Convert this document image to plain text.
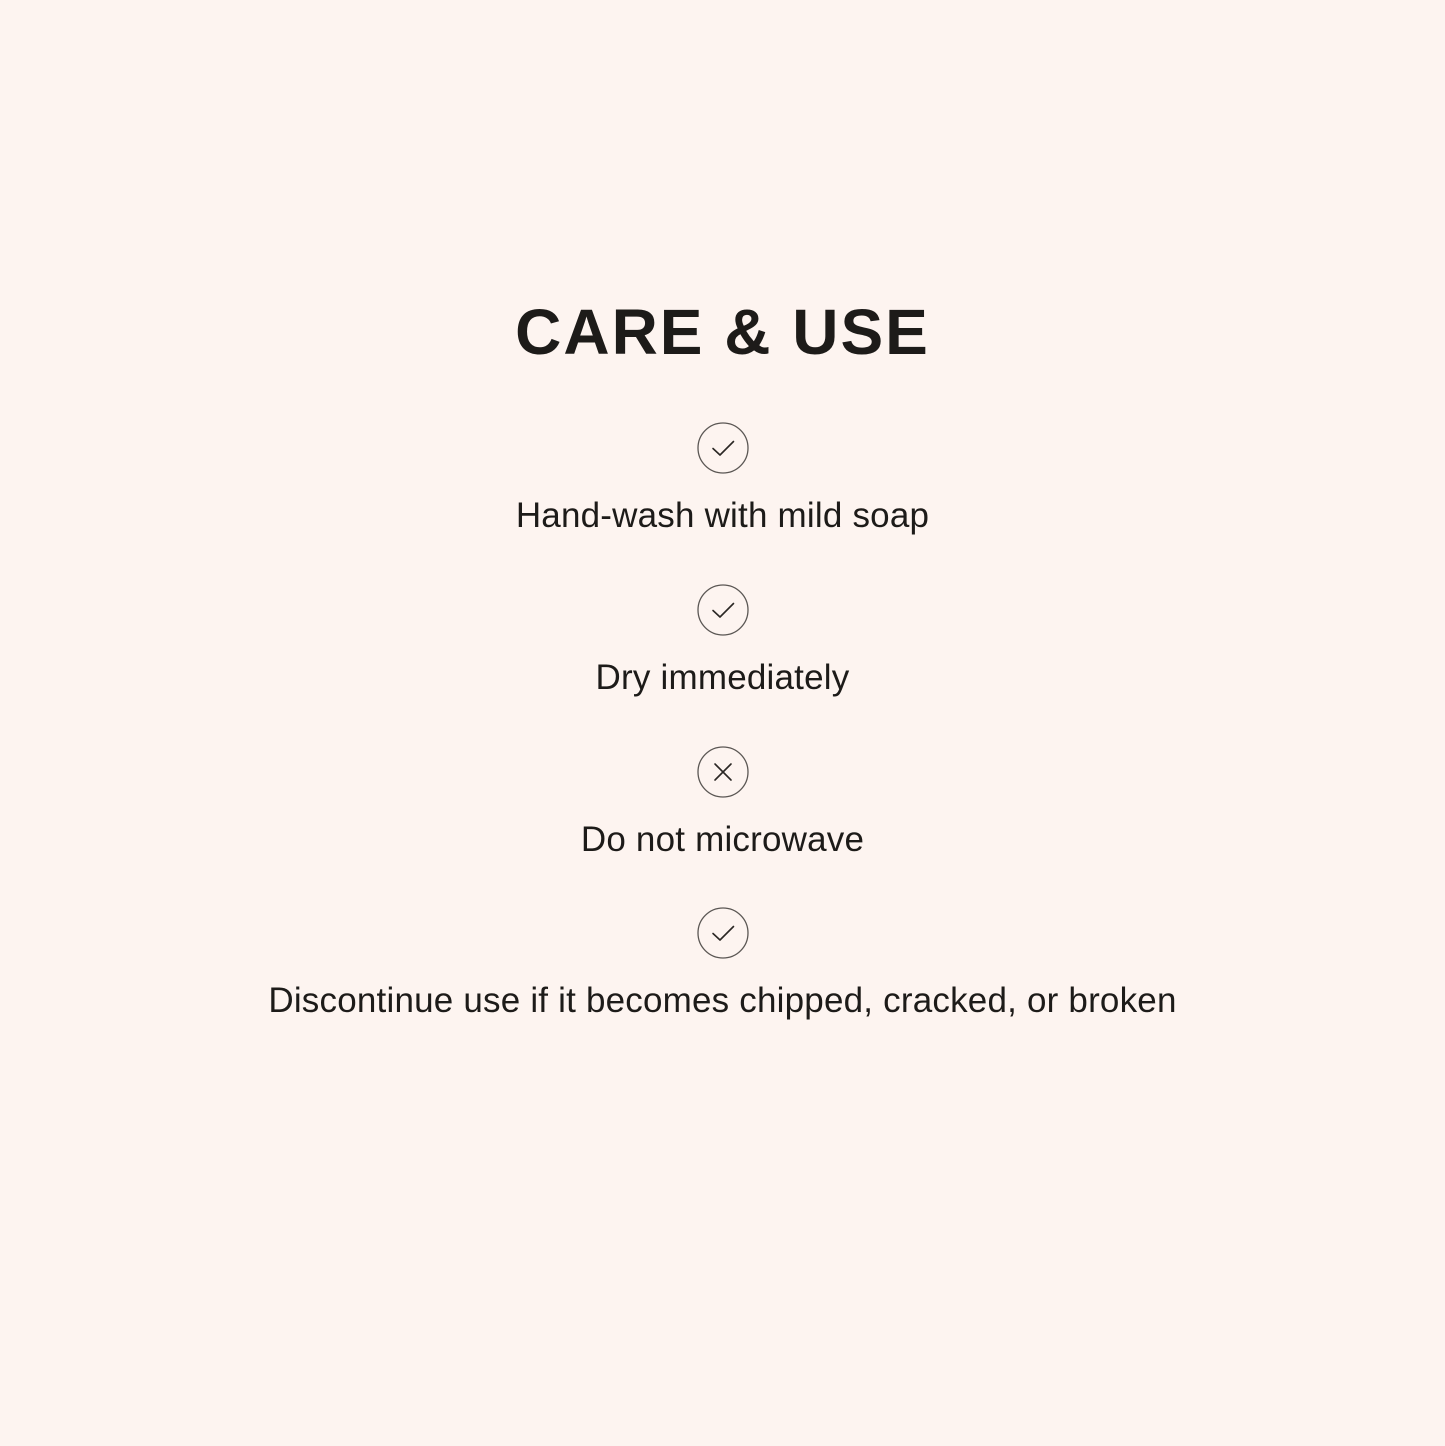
CARE & USE
Hand-wash with mild soap
Dry immediately
Do not microwave
Discontinue use if it becomes chipped, cracked, or broken
